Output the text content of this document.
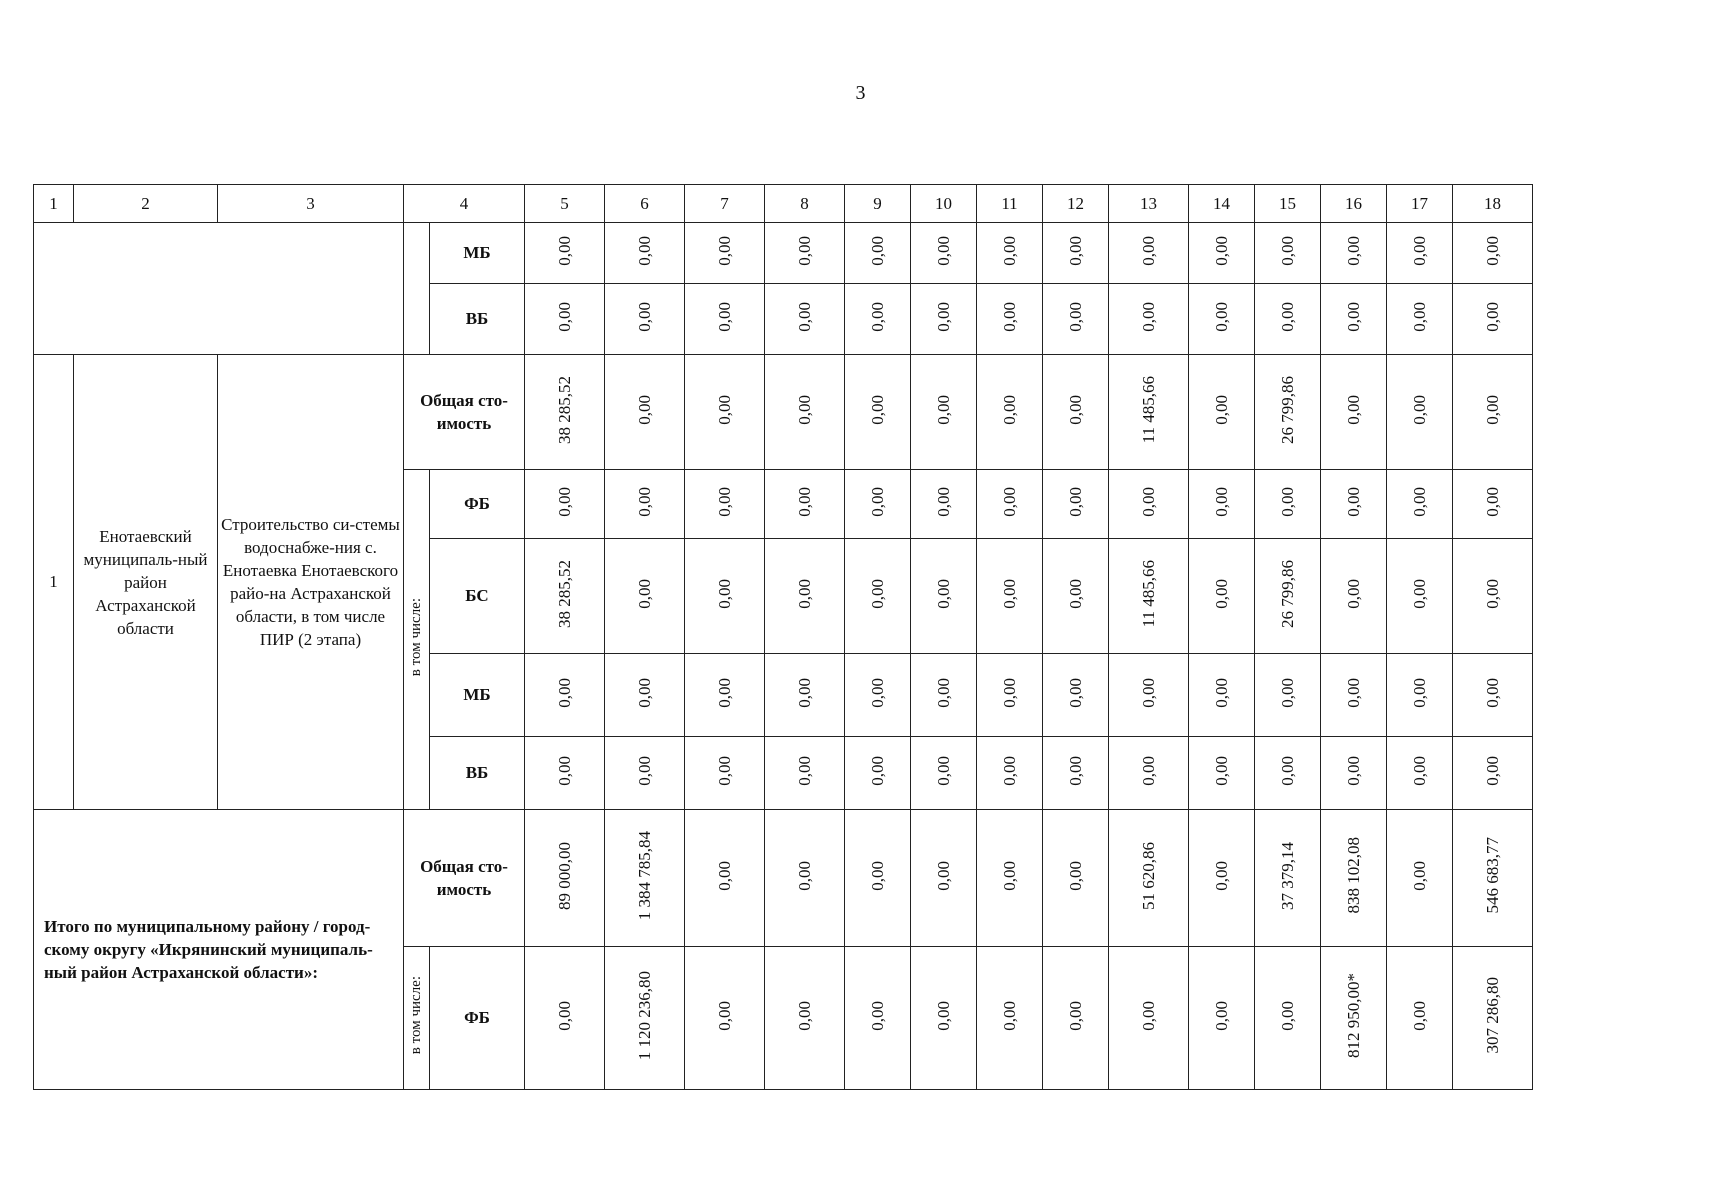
3
1	2	3	4		5	6	7	8	9	10	11	12	13	14	15	16	17	18
				МБ	0,00	0,00	0,00	0,00	0,00	0,00	0,00	0,00	0,00	0,00	0,00	0,00	0,00	0,00
				ВБ	0,00	0,00	0,00	0,00	0,00	0,00	0,00	0,00	0,00	0,00	0,00	0,00	0,00	0,00
1	Енотаевский муниципаль-ный район Астраханской области	Строительство си-стемы водоснабже-ния с. Енотаевка Енотаевского райо-на Астраханской области, в том числе ПИР (2 этапа)	Общая сто-имость		38 285,52	0,00	0,00	0,00	0,00	0,00	0,00	0,00	11 485,66	0,00	26 799,86	0,00	0,00	0,00
			в том числе:	ФБ	0,00	0,00	0,00	0,00	0,00	0,00	0,00	0,00	0,00	0,00	0,00	0,00	0,00	0,00
				БС	38 285,52	0,00	0,00	0,00	0,00	0,00	0,00	0,00	11 485,66	0,00	26 799,86	0,00	0,00	0,00
				МБ	0,00	0,00	0,00	0,00	0,00	0,00	0,00	0,00	0,00	0,00	0,00	0,00	0,00	0,00
				ВБ	0,00	0,00	0,00	0,00	0,00	0,00	0,00	0,00	0,00	0,00	0,00	0,00	0,00	0,00
Итого по муниципальному району / город-скому округу «Икрянинский муниципаль-ный район Астраханской области»:			Общая сто-имость		89 000,00	1 384 785,84	0,00	0,00	0,00	0,00	0,00	0,00	51 620,86	0,00	37 379,14	838 102,08	0,00	546 683,77
			в том числе:	ФБ	0,00	1 120 236,80	0,00	0,00	0,00	0,00	0,00	0,00	0,00	0,00	0,00	812 950,00*	0,00	307 286,80
